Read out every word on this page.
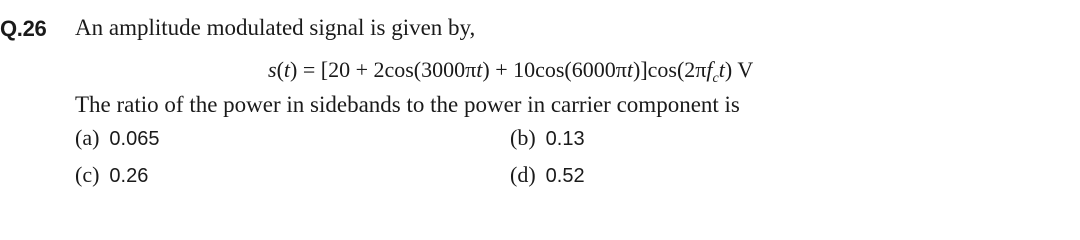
Q.26 An amplitude modulated signal is given by,
$s(t) = [20 + 2\cos(3000\pi t) + 10\cos(6000\pi t)]\cos(2\pi f_ct)$ V
The ratio of the power in sidebands to the power in carrier component is
(a) 0.065	(b) 0.13
(c) 0.26	(d) 0.52
